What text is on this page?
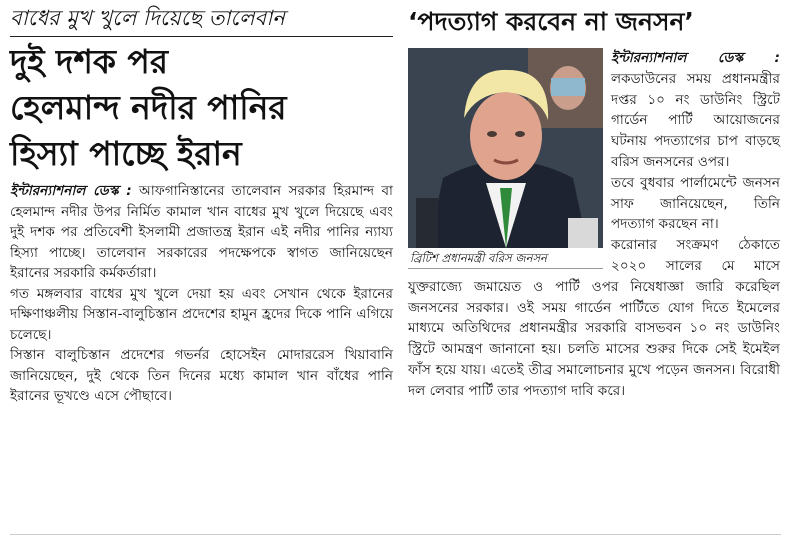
বাধের মুখ খুলে দিয়েছে তালেবান
দুই দশক পর
হেলমান্দ নদীর পানির
হিস্যা পাচ্ছে ইরান

ইন্টারন্যাশনাল ডেস্ক : আফগানিস্তানের তালেবান সরকার হিরমান্দ বা হেলমান্দ নদীর উপর নির্মিত কামাল খান বাধের মুখ খুলে দিয়েছে এবং দুই দশক পর প্রতিবেশী ইসলামী প্রজাতন্ত্র ইরান এই নদীর পানির ন্যায্য হিস্যা পাচ্ছে। তালেবান সরকারের পদক্ষেপকে স্বাগত জানিয়েছেন ইরানের সরকারি কর্মকর্তারা।

গত মঙ্গলবার বাধের মুখ খুলে দেয়া হয় এবং সেখান থেকে ইরানের দক্ষিণাঞ্চলীয় সিস্তান-বালুচিস্তান প্রদেশের হামুন হ্রদের দিকে পানি এগিয়ে চলেছে।

সিস্তান বালুচিস্তান প্রদেশের গভর্নর হোসেইন মোদাররেস খিয়াবানি জানিয়েছেন, দুই থেকে তিন দিনের মধ্যে কামাল খান বাঁধের পানি ইরানের ভূখণ্ডে এসে পৌছাবে।

‘পদত্যাগ করবেন না জনসন’
ব্রিটিশ প্রধানমন্ত্রী বরিস জনসন

ইন্টারন্যাশনাল ডেস্ক : লকডাউনের সময় প্রধানমন্ত্রীর দপ্তর ১০ নং ডাউনিং স্ট্রিটে গার্ডেন পার্টি আয়োজনের ঘটনায় পদত্যাগের চাপ বাড়ছে বরিস জনসনের ওপর।

তবে বুধবার পার্লামেন্টে জনসন সাফ জানিয়েছেন, তিনি পদত্যাগ করছেন না।

করোনার সংক্রমণ ঠেকাতে ২০২০ সালের মে মাসে যুক্তরাজ্যে জমায়েত ও পার্টি ওপর নিষেধাজ্ঞা জারি করেছিল জনসনের সরকার। ওই সময় গার্ডেন পার্টিতে যোগ দিতে ইমেলের মাধ্যমে অতিথিদের প্রধানমন্ত্রীর সরকারি বাসভবন ১০ নং ডাউনিং স্ট্রিটে আমন্ত্রণ জানানো হয়। চলতি মাসের শুরুর দিকে সেই ইমেইল ফাঁস হয়ে যায়। এতেই তীব্র সমালোচনার মুখে পড়েন জনসন। বিরোধী দল লেবার পার্টি তার পদত্যাগ দাবি করে।
